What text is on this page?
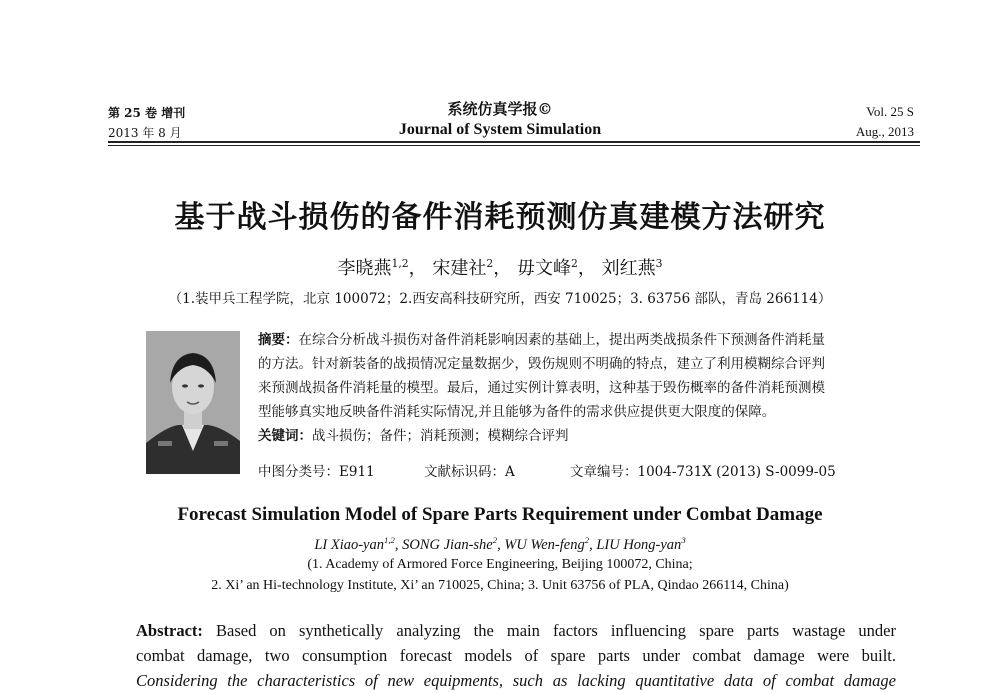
第 25 卷 增刊
2013 年 8 月
系统仿真学报©
Journal of System Simulation
Vol. 25 S
Aug., 2013
基于战斗损伤的备件消耗预测仿真建模方法研究
李晓燕$^{1,2}$， 宋建社$^2$， 毋文峰$^2$， 刘红燕$^3$
（1.装甲兵工程学院，北京 100072；2.西安高科技研究所，西安 710025；3. 63756 部队，青岛 266114）
摘要：在综合分析战斗损伤对备件消耗影响因素的基础上，提出两类战损条件下预测备件消耗量
的方法。针对新装备的战损情况定量数据少，毁伤规则不明确的特点，建立了利用模糊综合评判
来预测战损备件消耗量的模型。最后，通过实例计算表明，这种基于毁伤概率的备件消耗预测模
型能够真实地反映备件消耗实际情况,并且能够为备件的需求供应提供更大限度的保障。
关键词：战斗损伤；备件；消耗预测；模糊综合评判
中图分类号：E911	文献标识码：A	文章编号：1004-731X (2013) S-0099-05
Forecast Simulation Model of Spare Parts Requirement under Combat Damage
LI Xiao-yan$^{1,2}$, SONG Jian-she$^2$, WU Wen-feng$^2$, LIU Hong-yan$^3$
(1. Academy of Armored Force Engineering, Beijing 100072, China;
2. Xi’ an Hi-technology Institute, Xi’ an 710025, China; 3. Unit 63756 of PLA, Qindao 266114, China)
Abstract: Based on synthetically analyzing the main factors influencing spare parts wastage under
combat damage, two consumption forecast models of spare parts under combat damage were built.
Considering the characteristics of new equipments, such as lacking quantitative data of combat damage
